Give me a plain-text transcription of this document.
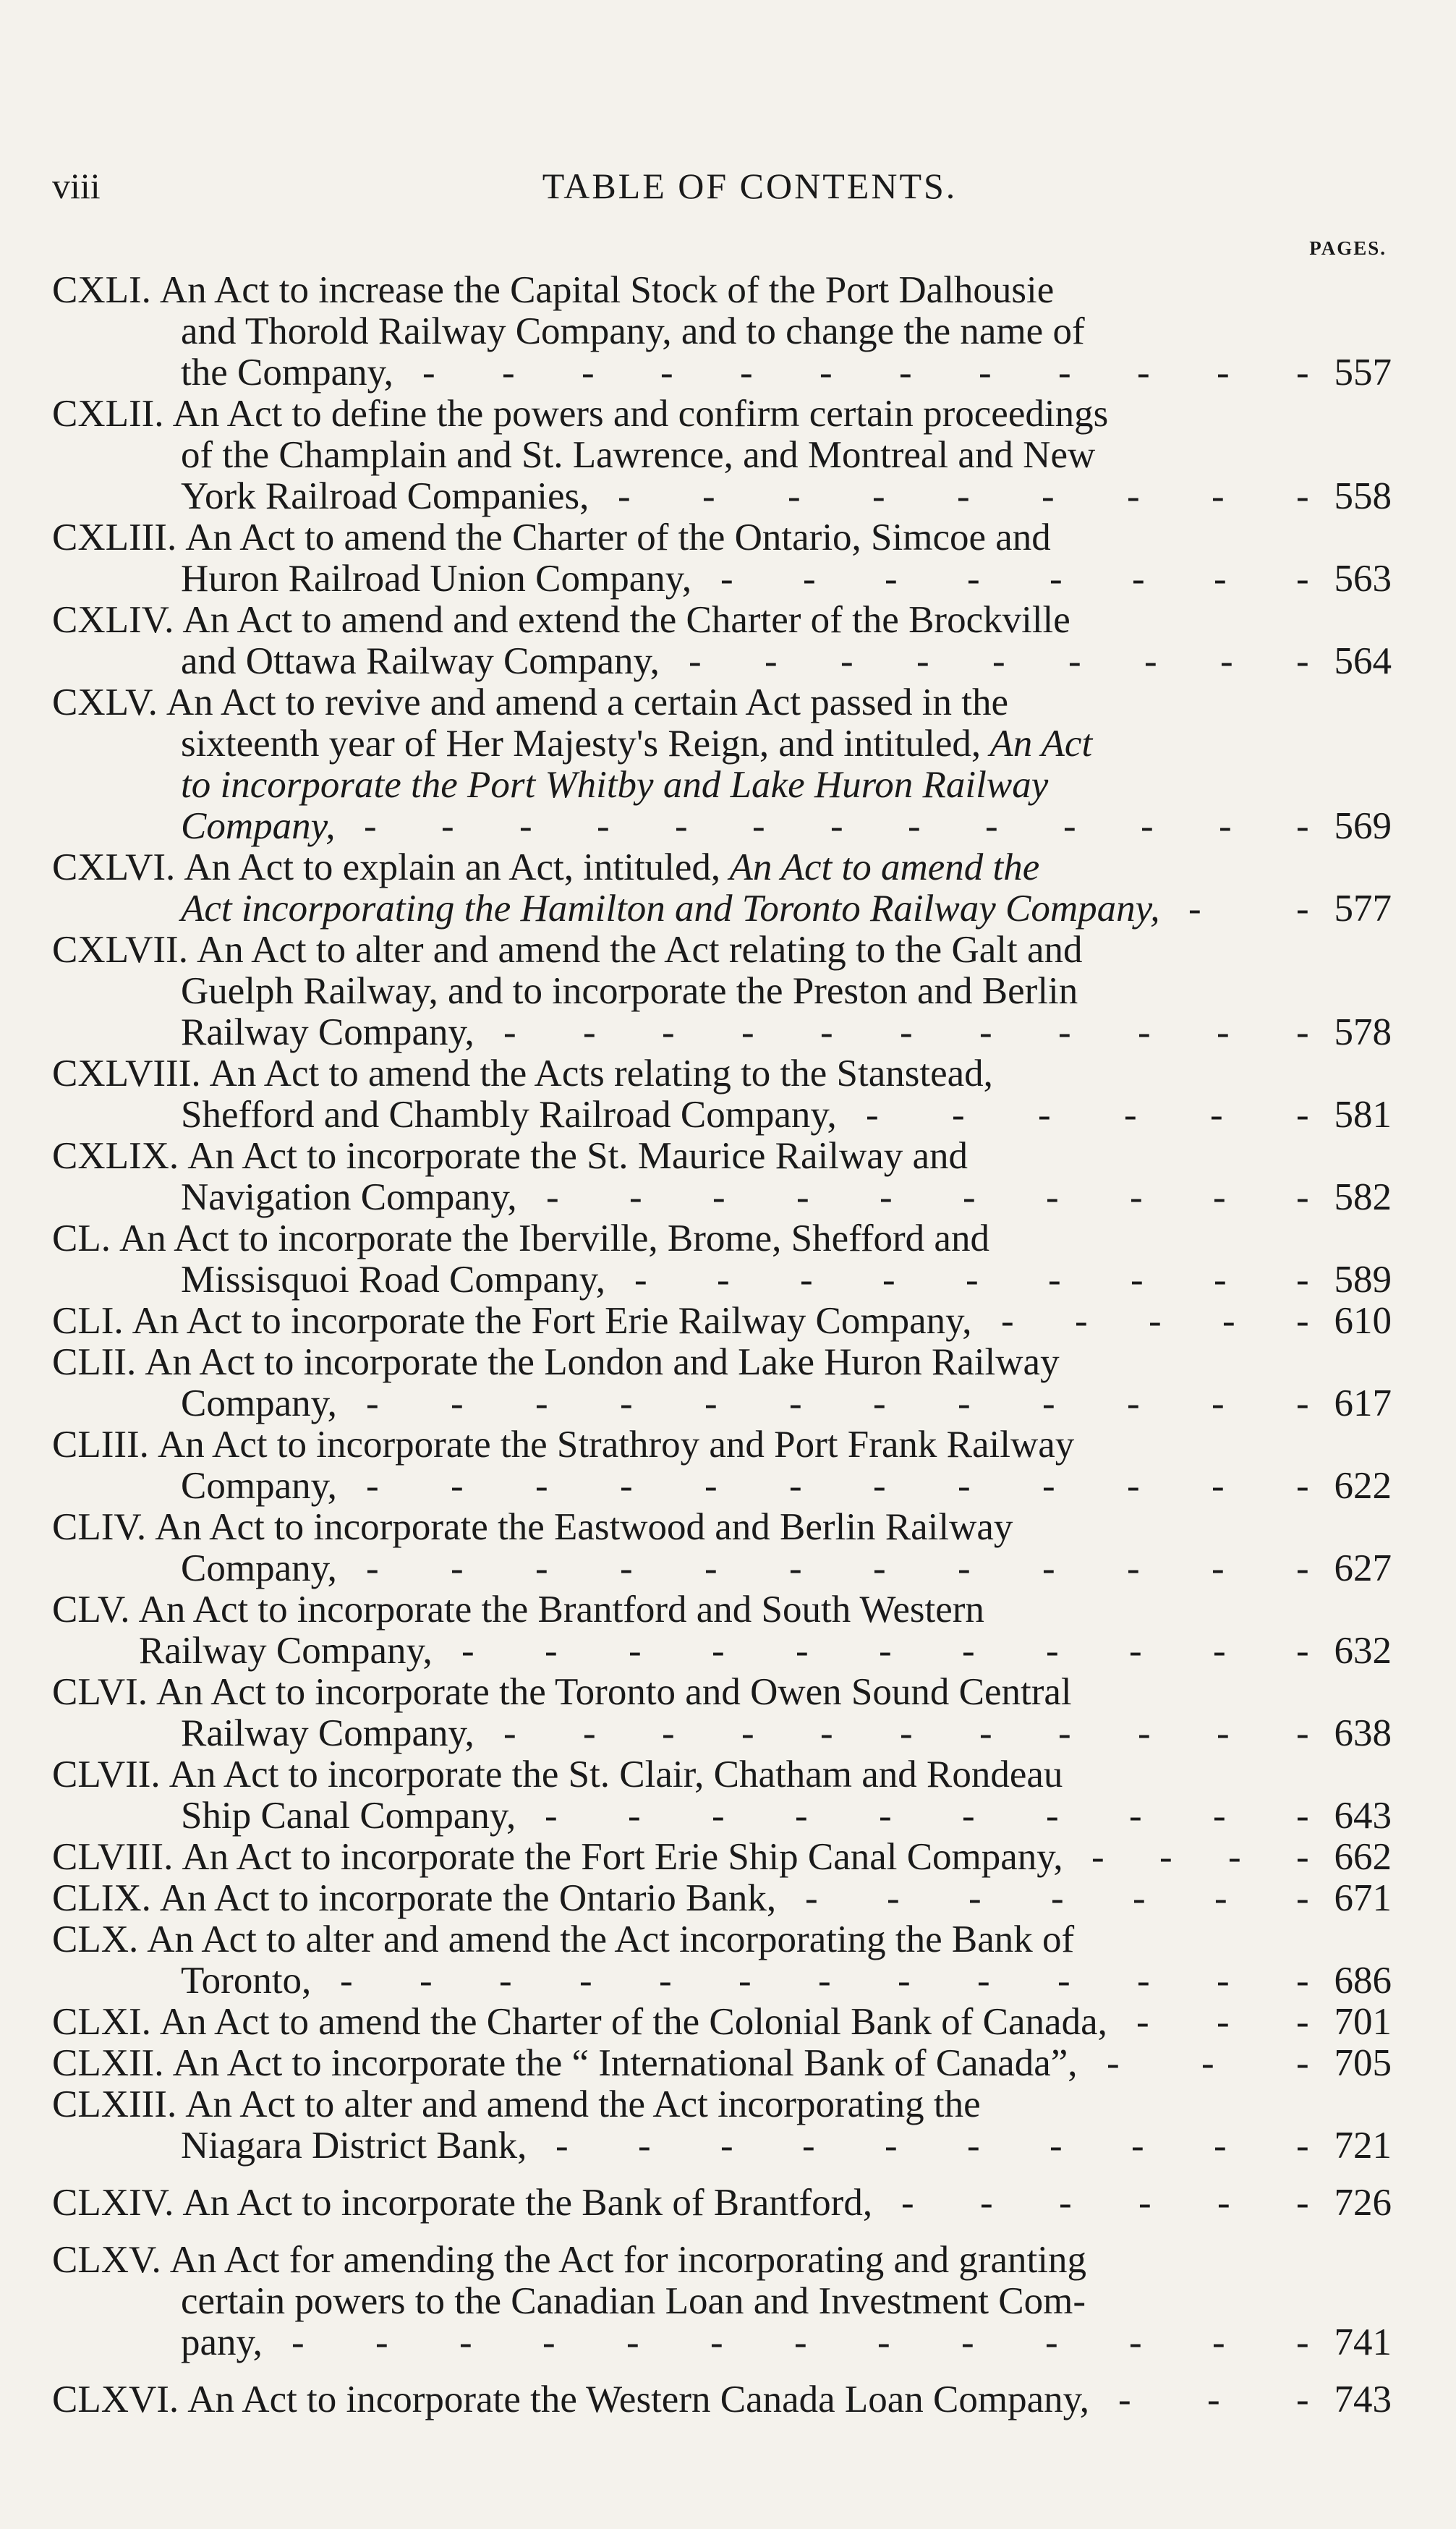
viii	TABLE OF CONTENTS.
PAGES.
CXLI. An Act to increase the Capital Stock of the Port Dalhousie
and Thorold Railway Company, and to change the name of
the Company,	557
- - - - - - - - - - - -
CXLII. An Act to define the powers and confirm certain proceedings
of the Champlain and St. Lawrence, and Montreal and New
York Railroad Companies,	558
- - - - - - - - -
CXLIII. An Act to amend the Charter of the Ontario, Simcoe and
Huron Railroad Union Company,	563
- - - - - - - -
CXLIV. An Act to amend and extend the Charter of the Brockville
and Ottawa Railway Company,	564
- - - - - - - - -
CXLV. An Act to revive and amend a certain Act passed in the
sixteenth year of Her Majesty's Reign, and intituled, An Act
to incorporate the Port Whitby and Lake Huron Railway
Company,	569
- - - - - - - - - - - - -
CXLVI. An Act to explain an Act, intituled, An Act to amend the
Act incorporating the Hamilton and Toronto Railway Company,	577
- -
CXLVII. An Act to alter and amend the Act relating to the Galt and
Guelph Railway, and to incorporate the Preston and Berlin
Railway Company,	578
- - - - - - - - - - -
CXLVIII. An Act to amend the Acts relating to the Stanstead,
Shefford and Chambly Railroad Company,	581
- - - - - -
CXLIX. An Act to incorporate the St. Maurice Railway and
Navigation Company,	582
- - - - - - - - - -
CL. An Act to incorporate the Iberville, Brome, Shefford and
Missisquoi Road Company,	589
- - - - - - - - -
CLI. An Act to incorporate the Fort Erie Railway Company,	610
- - - - -
CLII. An Act to incorporate the London and Lake Huron Railway
Company,	617
- - - - - - - - - - - -
CLIII. An Act to incorporate the Strathroy and Port Frank Railway
Company,	622
- - - - - - - - - - - -
CLIV. An Act to incorporate the Eastwood and Berlin Railway
Company,	627
- - - - - - - - - - - -
CLV. An Act to incorporate the Brantford and South Western
Railway Company,	632
- - - - - - - - - - -
CLVI. An Act to incorporate the Toronto and Owen Sound Central
Railway Company,	638
- - - - - - - - - - -
CLVII. An Act to incorporate the St. Clair, Chatham and Rondeau
Ship Canal Company,	643
- - - - - - - - - -
CLVIII. An Act to incorporate the Fort Erie Ship Canal Company,	662
- - - -
CLIX. An Act to incorporate the Ontario Bank,	671
- - - - - - -
CLX. An Act to alter and amend the Act incorporating the Bank of
Toronto,	686
- - - - - - - - - - - - -
CLXI. An Act to amend the Charter of the Colonial Bank of Canada,	701
- - -
CLXII. An Act to incorporate the “ International Bank of Canada”,	705
- - -
CLXIII. An Act to alter and amend the Act incorporating the
Niagara District Bank,	721
- - - - - - - - - -
CLXIV. An Act to incorporate the Bank of Brantford,	726
- - - - - -
CLXV. An Act for amending the Act for incorporating and granting
certain powers to the Canadian Loan and Investment Com-
pany,	741
- - - - - - - - - - - - -
CLXVI. An Act to incorporate the Western Canada Loan Company,	743
- - -
